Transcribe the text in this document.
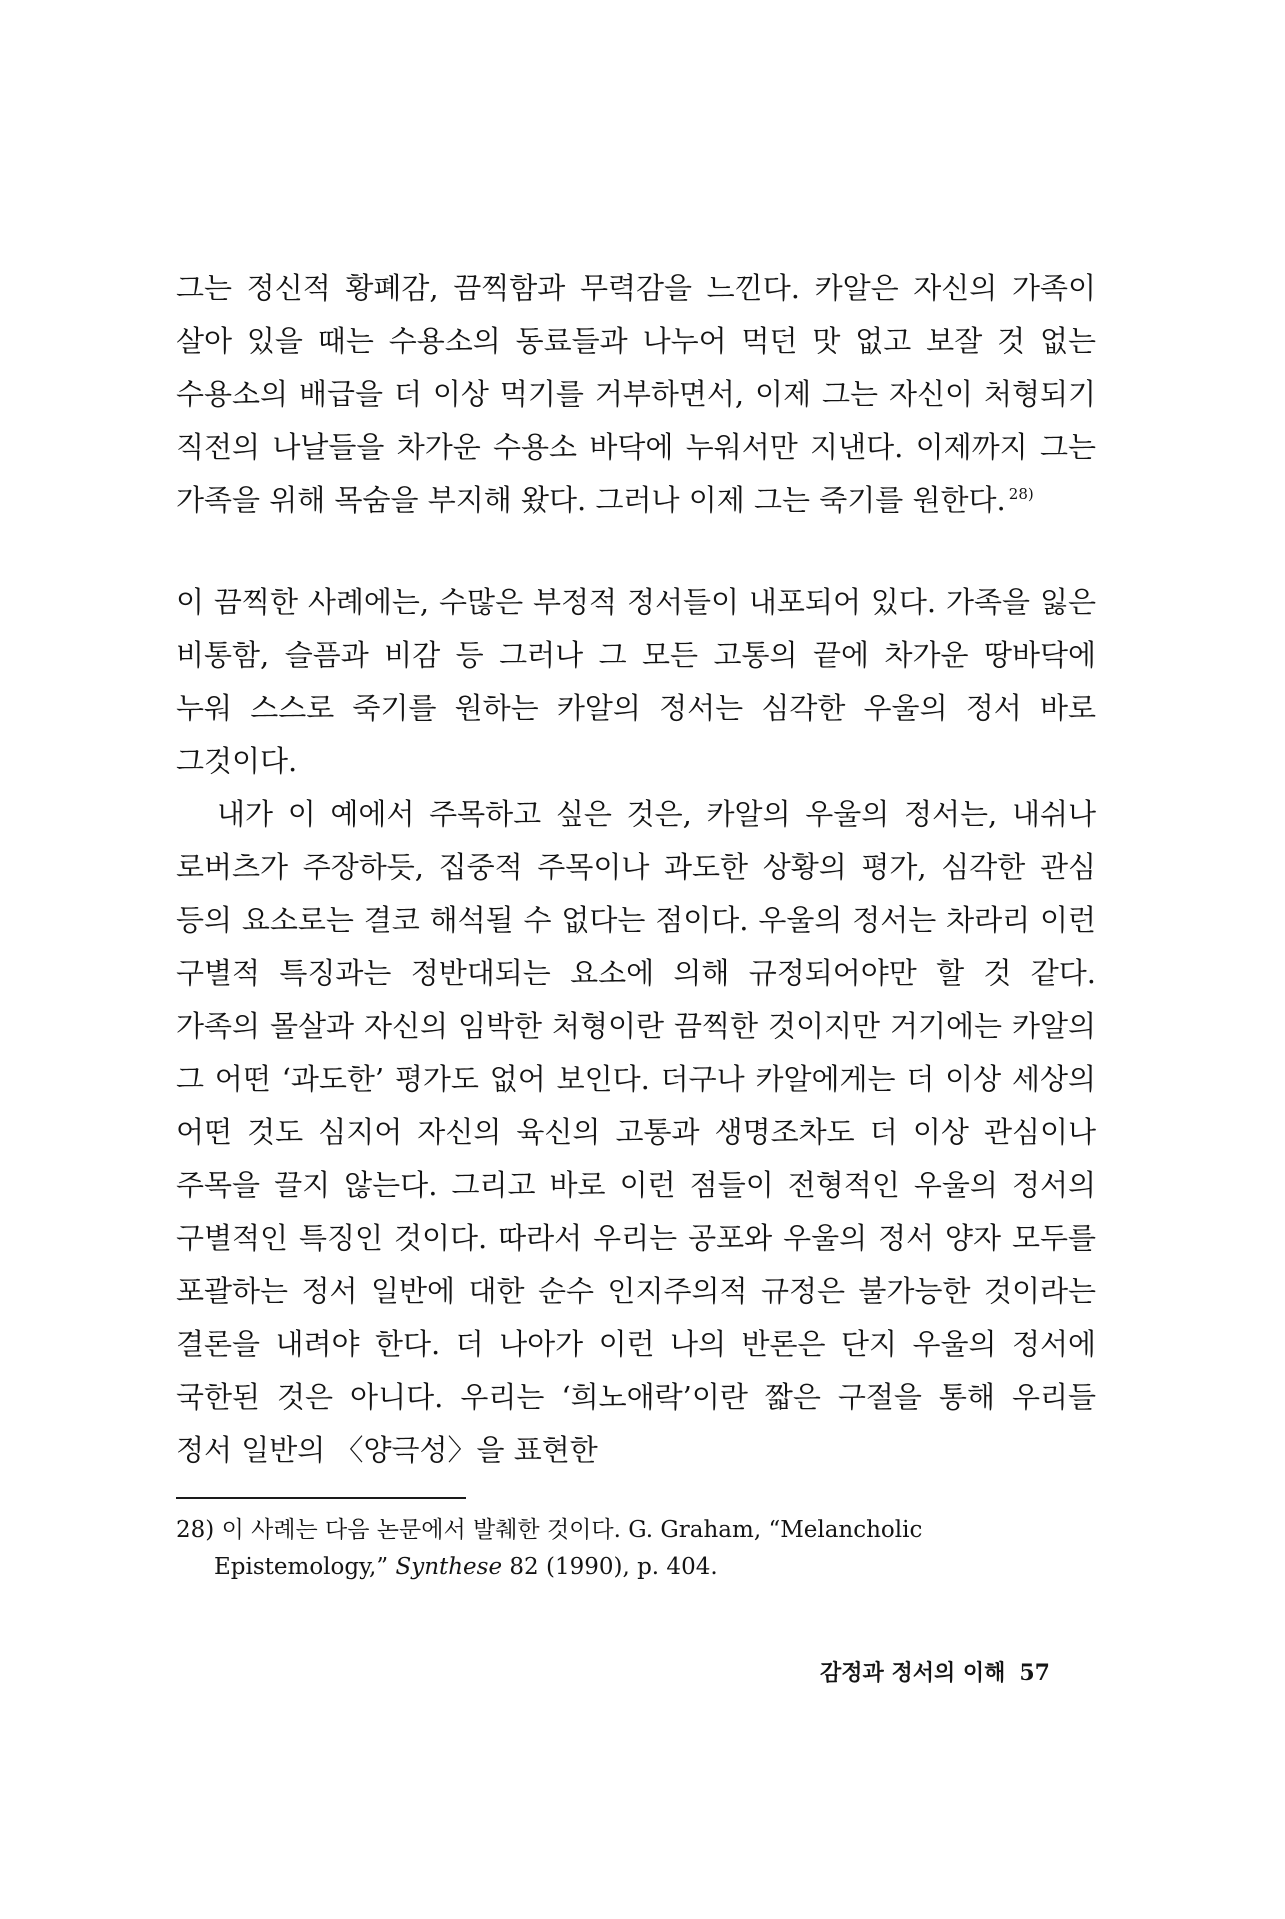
그는 정신적 황폐감, 끔찍함과 무력감을 느낀다. 카알은 자신의 가족이 살아 있을 때는 수용소의 동료들과 나누어 먹던 맛 없고 보잘 것 없는 수용소의 배급을 더 이상 먹기를 거부하면서, 이제 그는 자신이 처형되기 직전의 나날들을 차가운 수용소 바닥에 누워서만 지낸다. 이제까지 그는 가족을 위해 목숨을 부지해 왔다. 그러나 이제 그는 죽기를 원한다. $^{28)}$

이 끔찍한 사례에는, 수많은 부정적 정서들이 내포되어 있다. 가족을 잃은 비통함, 슬픔과 비감 등 그러나 그 모든 고통의 끝에 차가운 땅바닥에 누워 스스로 죽기를 원하는 카알의 정서는 심각한 우울의 정서 바로 그것이다.

내가 이 예에서 주목하고 싶은 것은, 카알의 우울의 정서는, 내쉬나 로버츠가 주장하듯, 집중적 주목이나 과도한 상황의 평가, 심각한 관심 등의 요소로는 결코 해석될 수 없다는 점이다. 우울의 정서는 차라리 이런 구별적 특징과는 정반대되는 요소에 의해 규정되어야만 할 것 같다. 가족의 몰살과 자신의 임박한 처형이란 끔찍한 것이지만 거기에는 카알의 그 어떤 ‘과도한’ 평가도 없어 보인다. 더구나 카알에게는 더 이상 세상의 어떤 것도 심지어 자신의 육신의 고통과 생명조차도 더 이상 관심이나 주목을 끌지 않는다. 그리고 바로 이런 점들이 전형적인 우울의 정서의 구별적인 특징인 것이다. 따라서 우리는 공포와 우울의 정서 양자 모두를 포괄하는 정서 일반에 대한 순수 인지주의적 규정은 불가능한 것이라는 결론을 내려야 한다. 더 나아가 이런 나의 반론은 단지 우울의 정서에 국한된 것은 아니다. 우리는 ‘희노애락’이란 짧은 구절을 통해 우리들 정서 일반의 〈양극성〉을 표현한

28) 이 사례는 다음 논문에서 발췌한 것이다. G. Graham, “Melancholic
Epistemology,” Synthese 82 (1990), p. 404.
감정과 정서의 이해 57
